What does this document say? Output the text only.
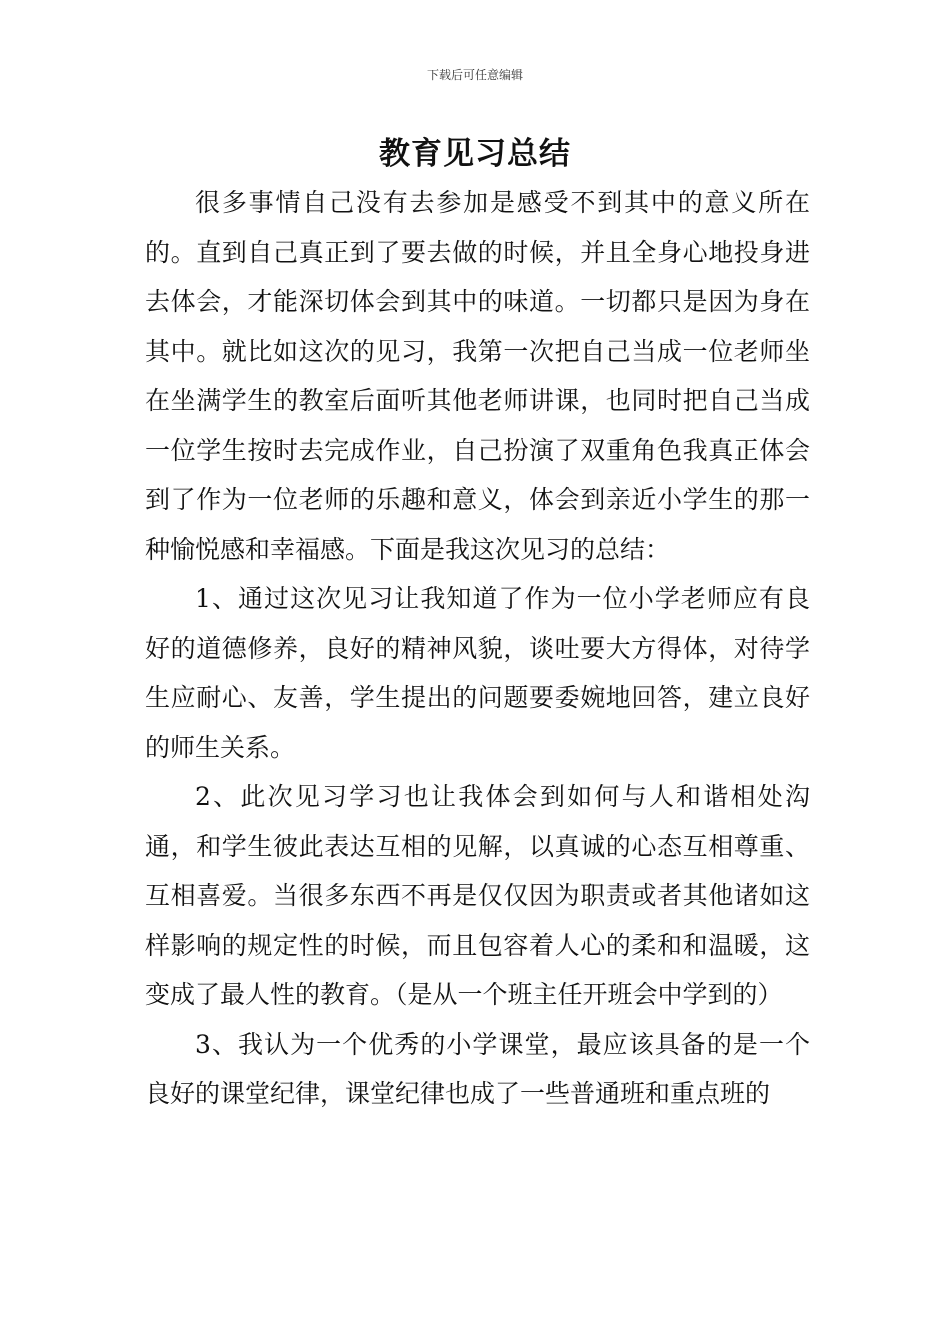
下载后可任意编辑
教育见习总结

很多事情自己没有去参加是感受不到其中的意义所在的。直到自己真正到了要去做的时候，并且全身心地投身进去体会，才能深切体会到其中的味道。一切都只是因为身在其中。就比如这次的见习，我第一次把自己当成一位老师坐在坐满学生的教室后面听其他老师讲课，也同时把自己当成一位学生按时去完成作业，自己扮演了双重角色我真正体会到了作为一位老师的乐趣和意义，体会到亲近小学生的那一种愉悦感和幸福感。下面是我这次见习的总结：

1、通过这次见习让我知道了作为一位小学老师应有良好的道德修养，良好的精神风貌，谈吐要大方得体，对待学生应耐心、友善，学生提出的问题要委婉地回答，建立良好的师生关系。

2、此次见习学习也让我体会到如何与人和谐相处沟通，和学生彼此表达互相的见解，以真诚的心态互相尊重、互相喜爱。当很多东西不再是仅仅因为职责或者其他诸如这样影响的规定性的时候，而且包容着人心的柔和和温暖，这变成了最人性的教育。（是从一个班主任开班会中学到的）

3、我认为一个优秀的小学课堂，最应该具备的是一个良好的课堂纪律，课堂纪律也成了一些普通班和重点班的
